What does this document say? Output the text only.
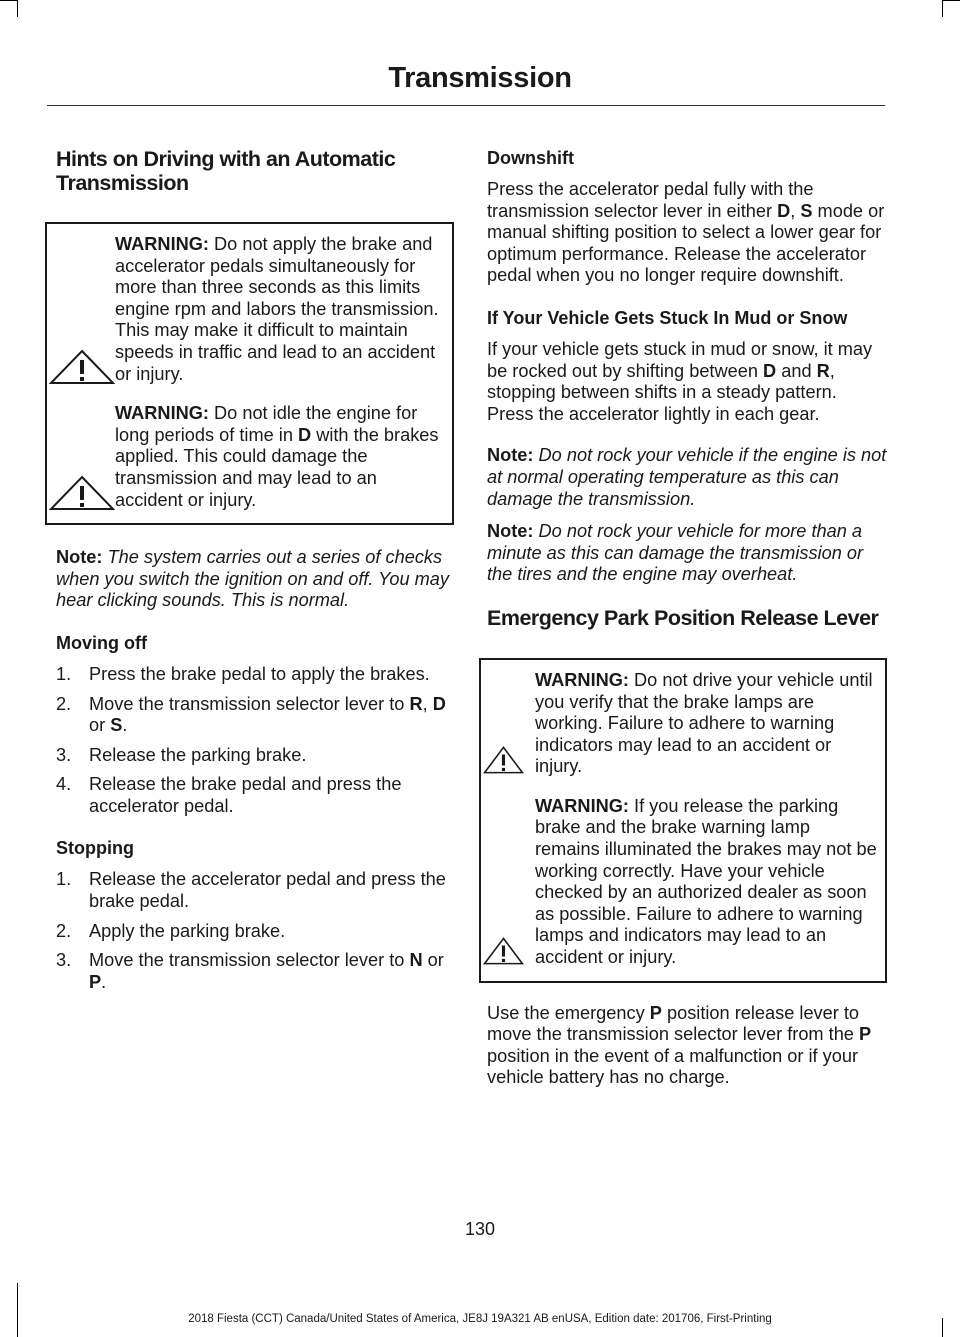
Transmission
Hints on Driving with an Automatic Transmission
WARNING: Do not apply the brake and accelerator pedals simultaneously for more than three seconds as this limits engine rpm and labors the transmission. This may make it difficult to maintain speeds in traffic and lead to an accident or injury.
WARNING: Do not idle the engine for long periods of time in D with the brakes applied. This could damage the transmission and may lead to an accident or injury.

Note: The system carries out a series of checks when you switch the ignition on and off. You may hear clicking sounds. This is normal.

Moving off
1. Press the brake pedal to apply the brakes.
2. Move the transmission selector lever to R, D or S.
3. Release the parking brake.
4. Release the brake pedal and press the accelerator pedal.
Stopping
1. Release the accelerator pedal and press the brake pedal.
2. Apply the parking brake.
3. Move the transmission selector lever to N or P.
Downshift

Press the accelerator pedal fully with the transmission selector lever in either D, S mode or manual shifting position to select a lower gear for optimum performance. Release the accelerator pedal when you no longer require downshift.

If Your Vehicle Gets Stuck In Mud or Snow

If your vehicle gets stuck in mud or snow, it may be rocked out by shifting between D and R, stopping between shifts in a steady pattern. Press the accelerator lightly in each gear.

Note: Do not rock your vehicle if the engine is not at normal operating temperature as this can damage the transmission.

Note: Do not rock your vehicle for more than a minute as this can damage the transmission or the tires and the engine may overheat.

Emergency Park Position Release Lever
WARNING: Do not drive your vehicle until you verify that the brake lamps are working. Failure to adhere to warning indicators may lead to an accident or injury.
WARNING: If you release the parking brake and the brake warning lamp remains illuminated the brakes may not be working correctly. Have your vehicle checked by an authorized dealer as soon as possible. Failure to adhere to warning lamps and indicators may lead to an accident or injury.

Use the emergency P position release lever to move the transmission selector lever from the P position in the event of a malfunction or if your vehicle battery has no charge.

130
2018 Fiesta (CCT) Canada/United States of America, JE8J 19A321 AB enUSA, Edition date: 201706, First-Printing
